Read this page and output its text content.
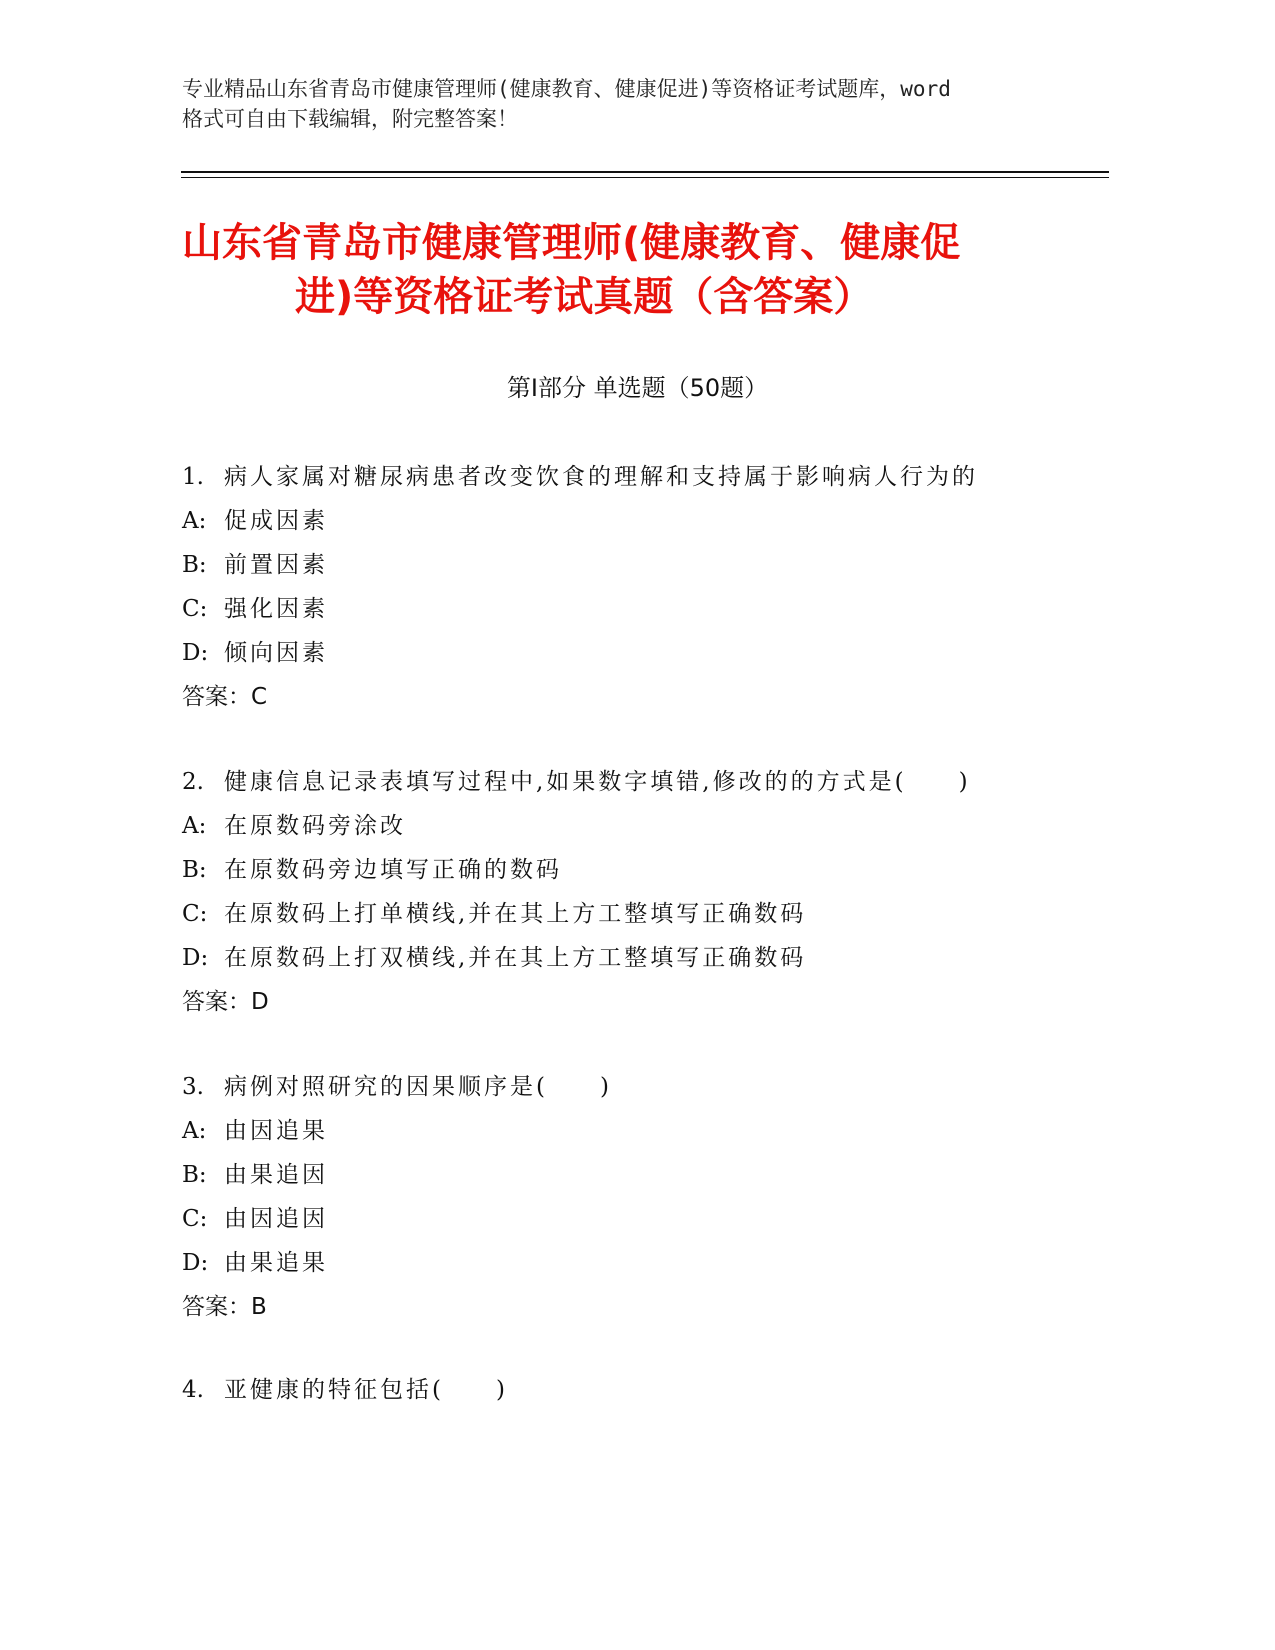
专业精品山东省青岛市健康管理师(健康教育、健康促进)等资格证考试题库，word
格式可自由下载编辑，附完整答案！
山东省青岛市健康管理师(健康教育、健康促
进)等资格证考试真题（含答案）
第Ⅰ部分 单选题（50题）
1. 病人家属对糖尿病患者改变饮食的理解和支持属于影响病人行为的
A: 促成因素
B: 前置因素
C: 强化因素
D: 倾向因素
答案：C
2. 健康信息记录表填写过程中,如果数字填错,修改的的方式是(　　)
A: 在原数码旁涂改
B: 在原数码旁边填写正确的数码
C: 在原数码上打单横线,并在其上方工整填写正确数码
D: 在原数码上打双横线,并在其上方工整填写正确数码
答案：D
3. 病例对照研究的因果顺序是(　　)
A: 由因追果
B: 由果追因
C: 由因追因
D: 由果追果
答案：B
4. 亚健康的特征包括(　　)
